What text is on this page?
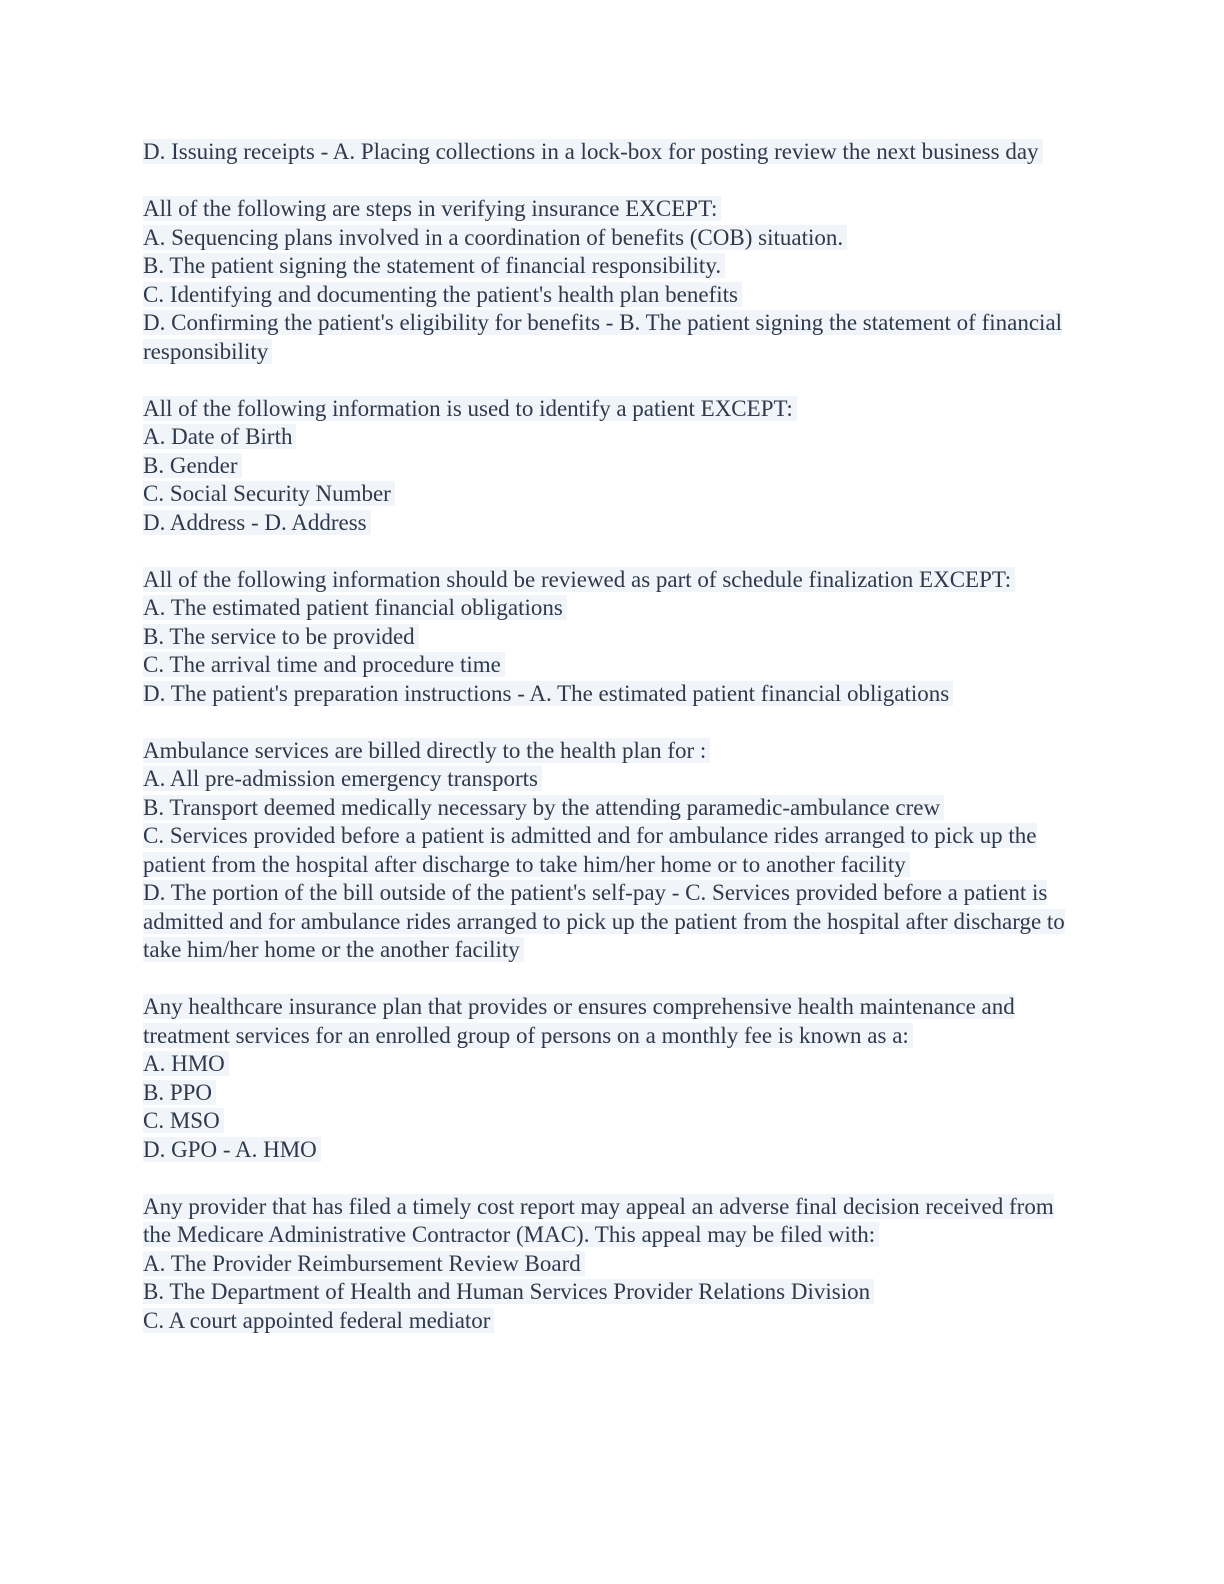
D. Issuing receipts - A. Placing collections in a lock-box for posting review the next business day
All of the following are steps in verifying insurance EXCEPT:
A. Sequencing plans involved in a coordination of benefits (COB) situation.
B. The patient signing the statement of financial responsibility.
C. Identifying and documenting the patient's health plan benefits
D. Confirming the patient's eligibility for benefits - B. The patient signing the statement of financial responsibility
All of the following information is used to identify a patient EXCEPT:
A. Date of Birth
B. Gender
C. Social Security Number
D. Address - D. Address
All of the following information should be reviewed as part of schedule finalization EXCEPT:
A. The estimated patient financial obligations
B. The service to be provided
C. The arrival time and procedure time
D. The patient's preparation instructions - A. The estimated patient financial obligations
Ambulance services are billed directly to the health plan for :
A. All pre-admission emergency transports
B. Transport deemed medically necessary by the attending paramedic-ambulance crew
C. Services provided before a patient is admitted and for ambulance rides arranged to pick up the patient from the hospital after discharge to take him/her home or to another facility
D. The portion of the bill outside of the patient's self-pay - C. Services provided before a patient is admitted and for ambulance rides arranged to pick up the patient from the hospital after discharge to take him/her home or the another facility
Any healthcare insurance plan that provides or ensures comprehensive health maintenance and treatment services for an enrolled group of persons on a monthly fee is known as a:
A. HMO
B. PPO
C. MSO
D. GPO - A. HMO
Any provider that has filed a timely cost report may appeal an adverse final decision received from the Medicare Administrative Contractor (MAC). This appeal may be filed with:
A. The Provider Reimbursement Review Board
B. The Department of Health and Human Services Provider Relations Division
C. A court appointed federal mediator
